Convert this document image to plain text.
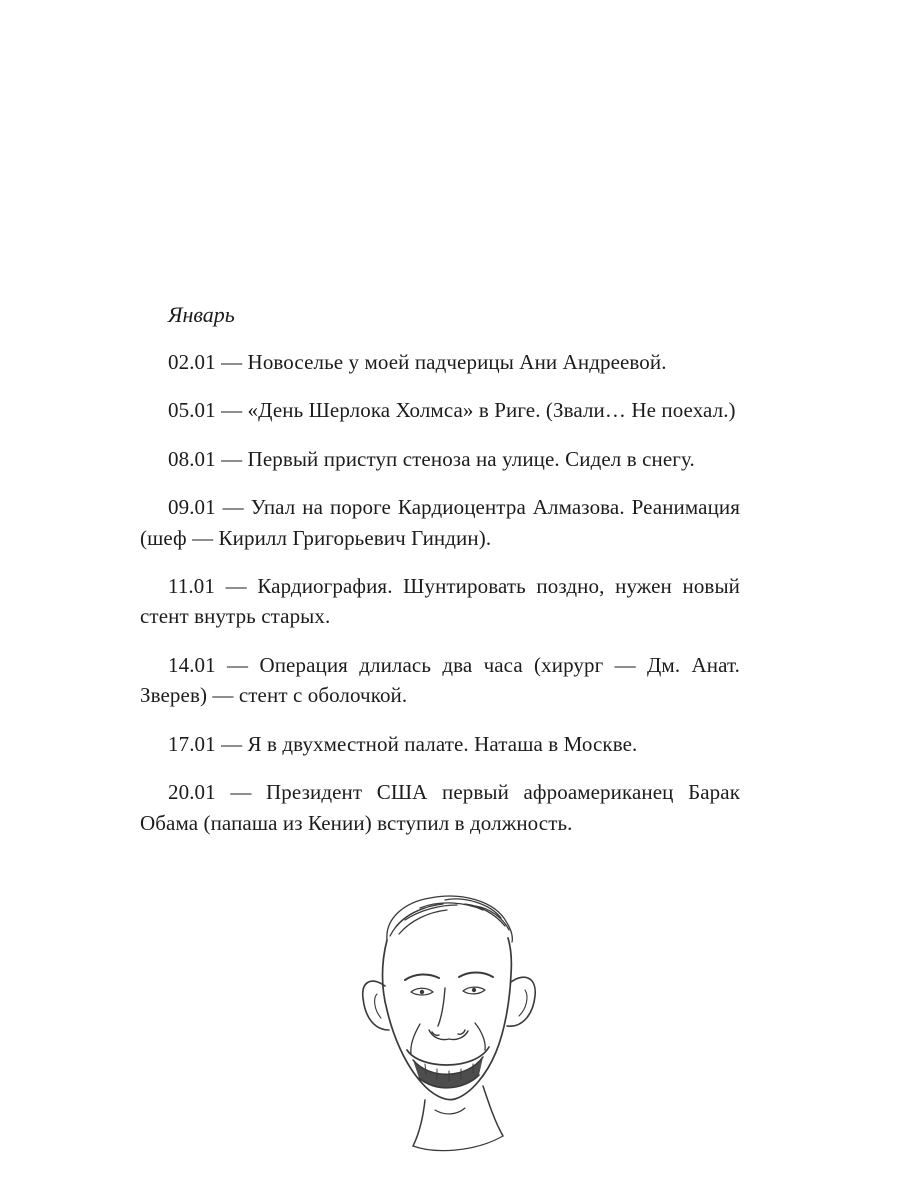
Январь

02.01 — Новоселье у моей падчерицы Ани Андреевой.

05.01 — «День Шерлока Холмса» в Риге. (Звали… Не поехал.)

08.01 — Первый приступ стеноза на улице. Сидел в снегу.

09.01 — Упал на пороге Кардиоцентра Алмазова. Реанимация (шеф — Кирилл Григорьевич Гиндин).

11.01 — Кардиография. Шунтировать поздно, нужен новый стент внутрь старых.

14.01 — Операция длилась два часа (хирург — Дм. Анат. Зверев) — стент с оболочкой.

17.01 — Я в двухместной палате. Наташа в Москве.

20.01 — Президент США первый афроамериканец Барак Обама (папаша из Кении) вступил в должность.
